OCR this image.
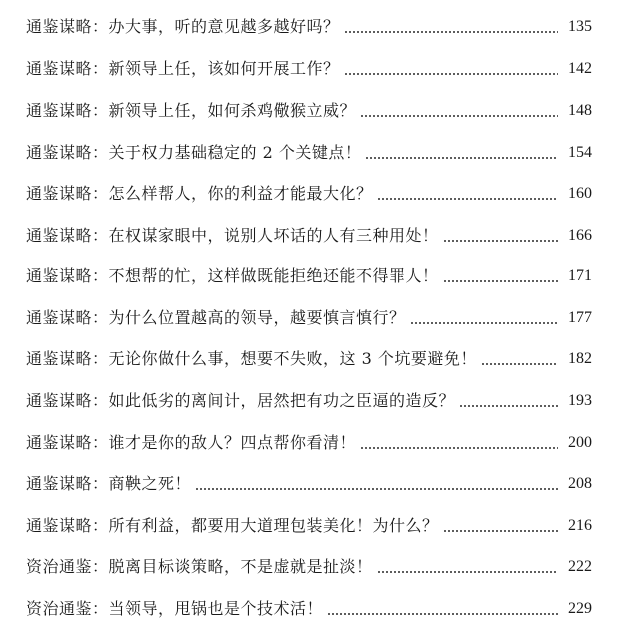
通鉴谋略：办大事，听的意见越多越好吗？	135
通鉴谋略：新领导上任，该如何开展工作？	142
通鉴谋略：新领导上任，如何杀鸡儆猴立威？	148
通鉴谋略：关于权力基础稳定的 2 个关键点！	154
通鉴谋略：怎么样帮人，你的利益才能最大化？	160
通鉴谋略：在权谋家眼中，说别人坏话的人有三种用处！	166
通鉴谋略：不想帮的忙，这样做既能拒绝还能不得罪人！	171
通鉴谋略：为什么位置越高的领导，越要慎言慎行？	177
通鉴谋略：无论你做什么事，想要不失败，这 3 个坑要避免！	182
通鉴谋略：如此低劣的离间计，居然把有功之臣逼的造反？	193
通鉴谋略：谁才是你的敌人？四点帮你看清！	200
通鉴谋略：商鞅之死！	208
通鉴谋略：所有利益，都要用大道理包装美化！为什么？	216
资治通鉴：脱离目标谈策略，不是虚就是扯淡！	222
资治通鉴：当领导，甩锅也是个技术活！	229
